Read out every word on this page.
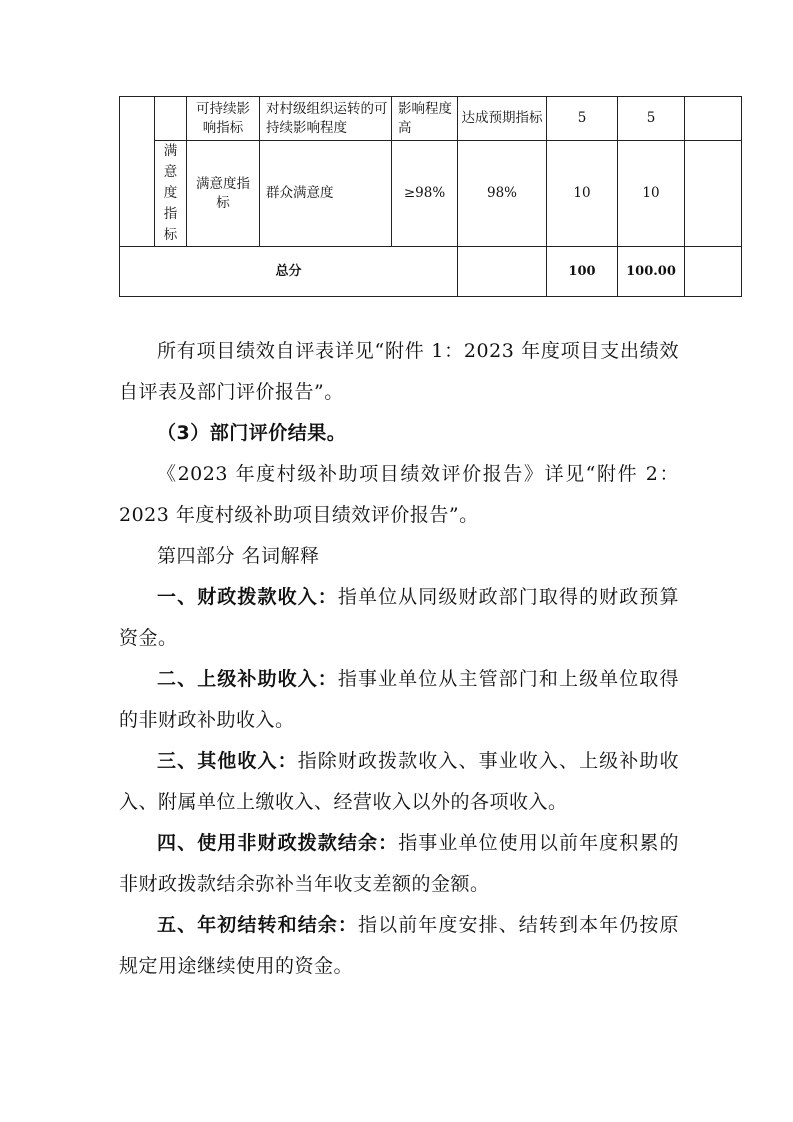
		可持续影响指标	对村级组织运转的可持续影响程度	影响程度高	达成预期指标	5	5	
	满意度指标	满意度指标	群众满意度	≥98%	98%	10	10	
总分						100	100.00	

所有项目绩效自评表详见“附件 1：2023 年度项目支出绩效自评表及部门评价报告”。

（3）部门评价结果。

《2023 年度村级补助项目绩效评价报告》详见“附件 2：2023 年度村级补助项目绩效评价报告”。

第四部分 名词解释

一、财政拨款收入：指单位从同级财政部门取得的财政预算资金。

二、上级补助收入：指事业单位从主管部门和上级单位取得的非财政补助收入。

三、其他收入：指除财政拨款收入、事业收入、上级补助收入、附属单位上缴收入、经营收入以外的各项收入。

四、使用非财政拨款结余：指事业单位使用以前年度积累的非财政拨款结余弥补当年收支差额的金额。

五、年初结转和结余：指以前年度安排、结转到本年仍按原规定用途继续使用的资金。
